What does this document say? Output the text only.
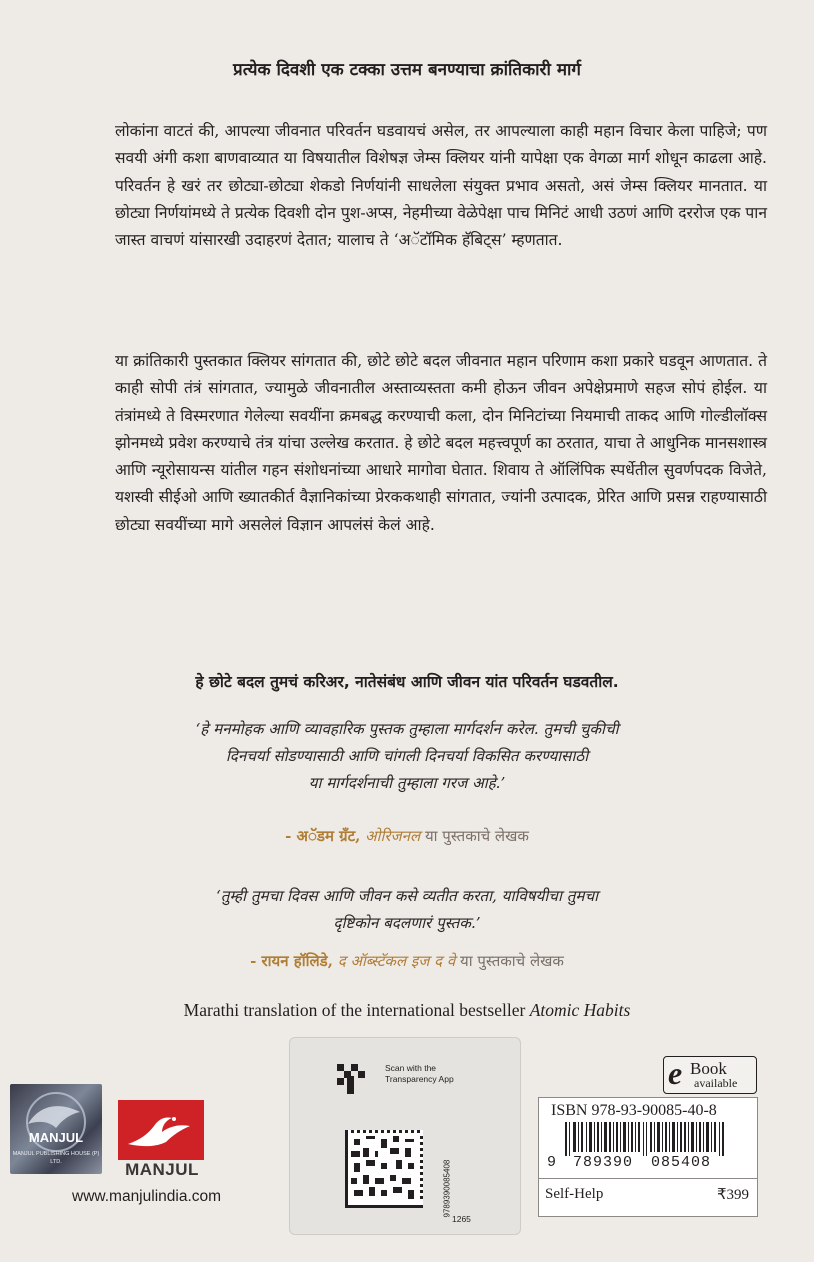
प्रत्येक दिवशी एक टक्का उत्तम बनण्याचा क्रांतिकारी मार्ग

लोकांना वाटतं की, आपल्या जीवनात परिवर्तन घडवायचं असेल, तर आपल्याला काही महान विचार केला पाहिजे; पण सवयी अंगी कशा बाणवाव्यात या विषयातील विशेषज्ञ जेम्स क्लियर यांनी यापेक्षा एक वेगळा मार्ग शोधून काढला आहे. परिवर्तन हे खरं तर छोट्या-छोट्या शेकडो निर्णयांनी साधलेला संयुक्त प्रभाव असतो, असं जेम्स क्लियर मानतात. या छोट्या निर्णयांमध्ये ते प्रत्येक दिवशी दोन पुश-अप्स, नेहमीच्या वेळेपेक्षा पाच मिनिटं आधी उठणं आणि दररोज एक पान जास्त वाचणं यांसारखी उदाहरणं देतात; यालाच ते ‘अॅटॉमिक हॅबिट्स’ म्हणतात.

या क्रांतिकारी पुस्तकात क्लियर सांगतात की, छोटे छोटे बदल जीवनात महान परिणाम कशा प्रकारे घडवून आणतात. ते काही सोपी तंत्रं सांगतात, ज्यामुळे जीवनातील अस्ताव्यस्तता कमी होऊन जीवन अपेक्षेप्रमाणे सहज सोपं होईल. या तंत्रांमध्ये ते विस्मरणात गेलेल्या सवयींना क्रमबद्ध करण्याची कला, दोन मिनिटांच्या नियमाची ताकद आणि गोल्डीलॉक्स झोनमध्ये प्रवेश करण्याचे तंत्र यांचा उल्लेख करतात. हे छोटे बदल महत्त्वपूर्ण का ठरतात, याचा ते आधुनिक मानसशास्त्र आणि न्यूरोसायन्स यांतील गहन संशोधनांच्या आधारे मागोवा घेतात. शिवाय ते ऑलिंपिक स्पर्धेतील सुवर्णपदक विजेते, यशस्वी सीईओ आणि ख्यातकीर्त वैज्ञानिकांच्या प्रेरककथाही सांगतात, ज्यांनी उत्पादक, प्रेरित आणि प्रसन्न राहण्यासाठी छोट्या सवयींच्या मागे असलेलं विज्ञान आपलंसं केलं आहे.

हे छोटे बदल तुमचं करिअर, नातेसंबंध आणि जीवन यांत परिवर्तन घडवतील.
‘हे मनमोहक आणि व्यावहारिक पुस्तक तुम्हाला मार्गदर्शन करेल. तुमची चुकीची
दिनचर्या सोडण्यासाठी आणि चांगली दिनचर्या विकसित करण्यासाठी
या मार्गदर्शनाची तुम्हाला गरज आहे.’
- अॅडम ग्रँट, ओरिजनल या पुस्तकाचे लेखक
‘तुम्ही तुमचा दिवस आणि जीवन कसे व्यतीत करता, याविषयीचा तुमचा
दृष्टिकोन बदलणारं पुस्तक.’
- रायन हॉलिडे, द ऑब्स्टॅकल इज द वे या पुस्तकाचे लेखक
Marathi translation of the international bestseller Atomic Habits
MANJUL
MANJUL PUBLISHING HOUSE (P) LTD.	MANJUL
www.manjulindia.com
Scan with the
Transparency App
9789390085408
1265
e Book
available
ISBN 978-93-90085-40-8
9 789390 085408
Self-Help	₹399
